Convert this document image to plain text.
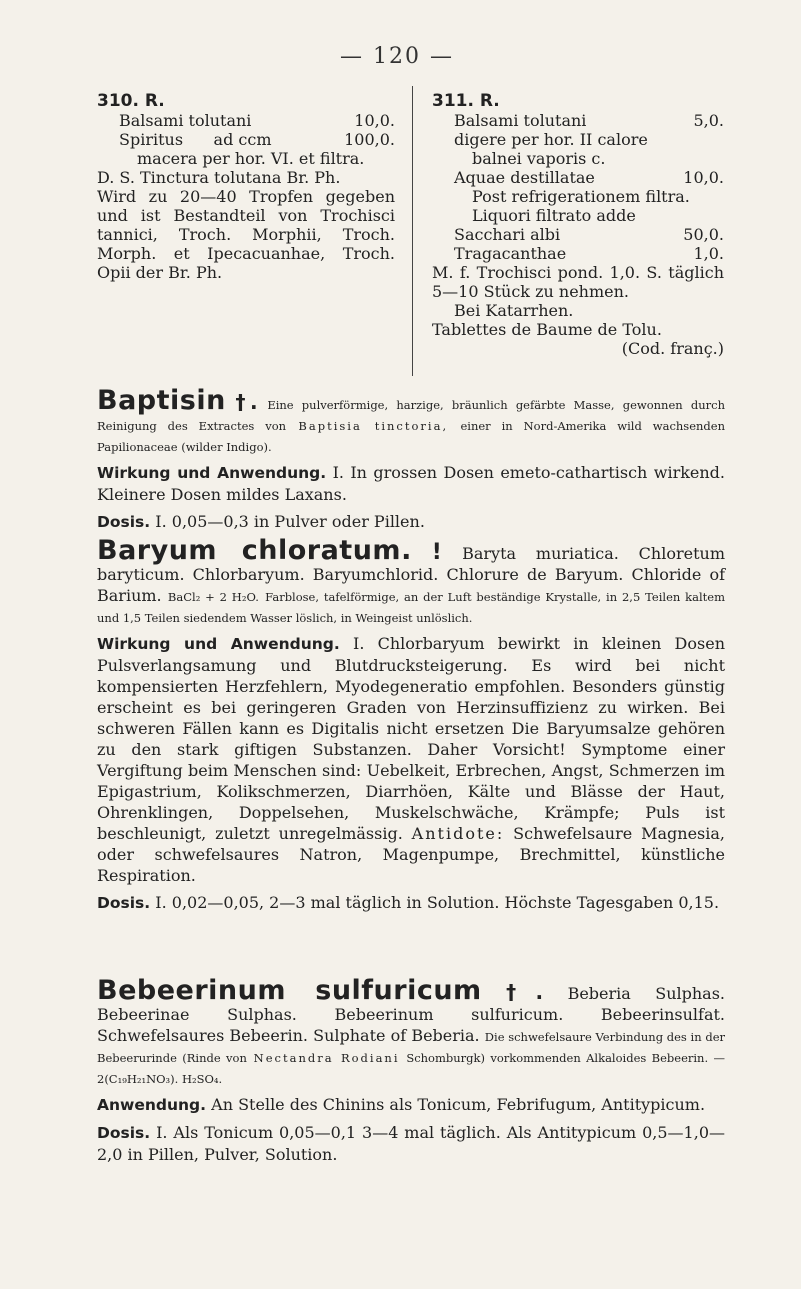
— 120 —
310. R.
Balsami tolutani	10,0.
Spiritus      ad ccm	100,0.
macera per hor. VI. et filtra.
D. S. Tinctura tolutana Br. Ph.
Wird zu 20—40 Tropfen gegeben und ist Bestandteil von Trochisci tannici, Troch. Morphii, Troch. Morph. et Ipecacuanhae, Troch. Opii der Br. Ph.
311. R.
Balsami tolutani	5,0.
digere per hor. II calore
balnei vaporis c.
Aquae destillatae	10,0.
Post refrigerationem filtra.
Liquori filtrato adde
Sacchari albi	50,0.
Tragacanthae	1,0.
M. f. Trochisci pond. 1,0. S. täglich 5—10 Stück zu nehmen.
Bei Katarrhen.
Tablettes de Baume de Tolu.
(Cod. franç.)

Baptisin †. Eine pulverförmige, harzige, bräunlich gefärbte Masse, gewonnen durch Reinigung des Extractes von Baptisia tinctoria, einer in Nord-Amerika wild wachsenden Papilionaceae (wilder Indigo).

Wirkung und Anwendung. I. In grossen Dosen emeto-cathartisch wirkend. Kleinere Dosen mildes Laxans.

Dosis. I. 0,05—0,3 in Pulver oder Pillen.

Baryum chloratum. ! Baryta muriatica. Chloretum baryticum. Chlorbaryum. Baryumchlorid. Chlorure de Baryum. Chloride of Barium. BaCl₂ + 2 H₂O. Farblose, tafelförmige, an der Luft beständige Krystalle, in 2,5 Teilen kaltem und 1,5 Teilen siedendem Wasser löslich, in Weingeist unlöslich.

Wirkung und Anwendung. I. Chlorbaryum bewirkt in kleinen Dosen Pulsverlangsamung und Blutdrucksteigerung. Es wird bei nicht kompensierten Herzfehlern, Myodegeneratio empfohlen. Besonders günstig erscheint es bei geringeren Graden von Herzinsuffizienz zu wirken. Bei schweren Fällen kann es Digitalis nicht ersetzen Die Baryumsalze gehören zu den stark giftigen Substanzen. Daher Vorsicht! Symptome einer Vergiftung beim Menschen sind: Uebelkeit, Erbrechen, Angst, Schmerzen im Epigastrium, Kolikschmerzen, Diarrhöen, Kälte und Blässe der Haut, Ohrenklingen, Doppelsehen, Muskelschwäche, Krämpfe; Puls ist beschleunigt, zuletzt unregelmässig. Antidote: Schwefelsaure Magnesia, oder schwefelsaures Natron, Magenpumpe, Brechmittel, künstliche Respiration.

Dosis. I. 0,02—0,05, 2—3 mal täglich in Solution. Höchste Tagesgaben 0,15.

Bebeerinum sulfuricum †. Beberia Sulphas. Bebeerinae Sulphas. Bebeerinum sulfuricum. Bebeerinsulfat. Schwefelsaures Bebeerin. Sulphate of Beberia. Die schwefelsaure Verbindung des in der Bebeerurinde (Rinde von Nectandra Rodiani Schomburgk) vorkommenden Alkaloides Bebeerin. — 2(C₁₉H₂₁NO₃). H₂SO₄.

Anwendung. An Stelle des Chinins als Tonicum, Febrifugum, Antitypicum.

Dosis. I. Als Tonicum 0,05—0,1 3—4 mal täglich. Als Antitypicum 0,5—1,0—2,0 in Pillen, Pulver, Solution.
